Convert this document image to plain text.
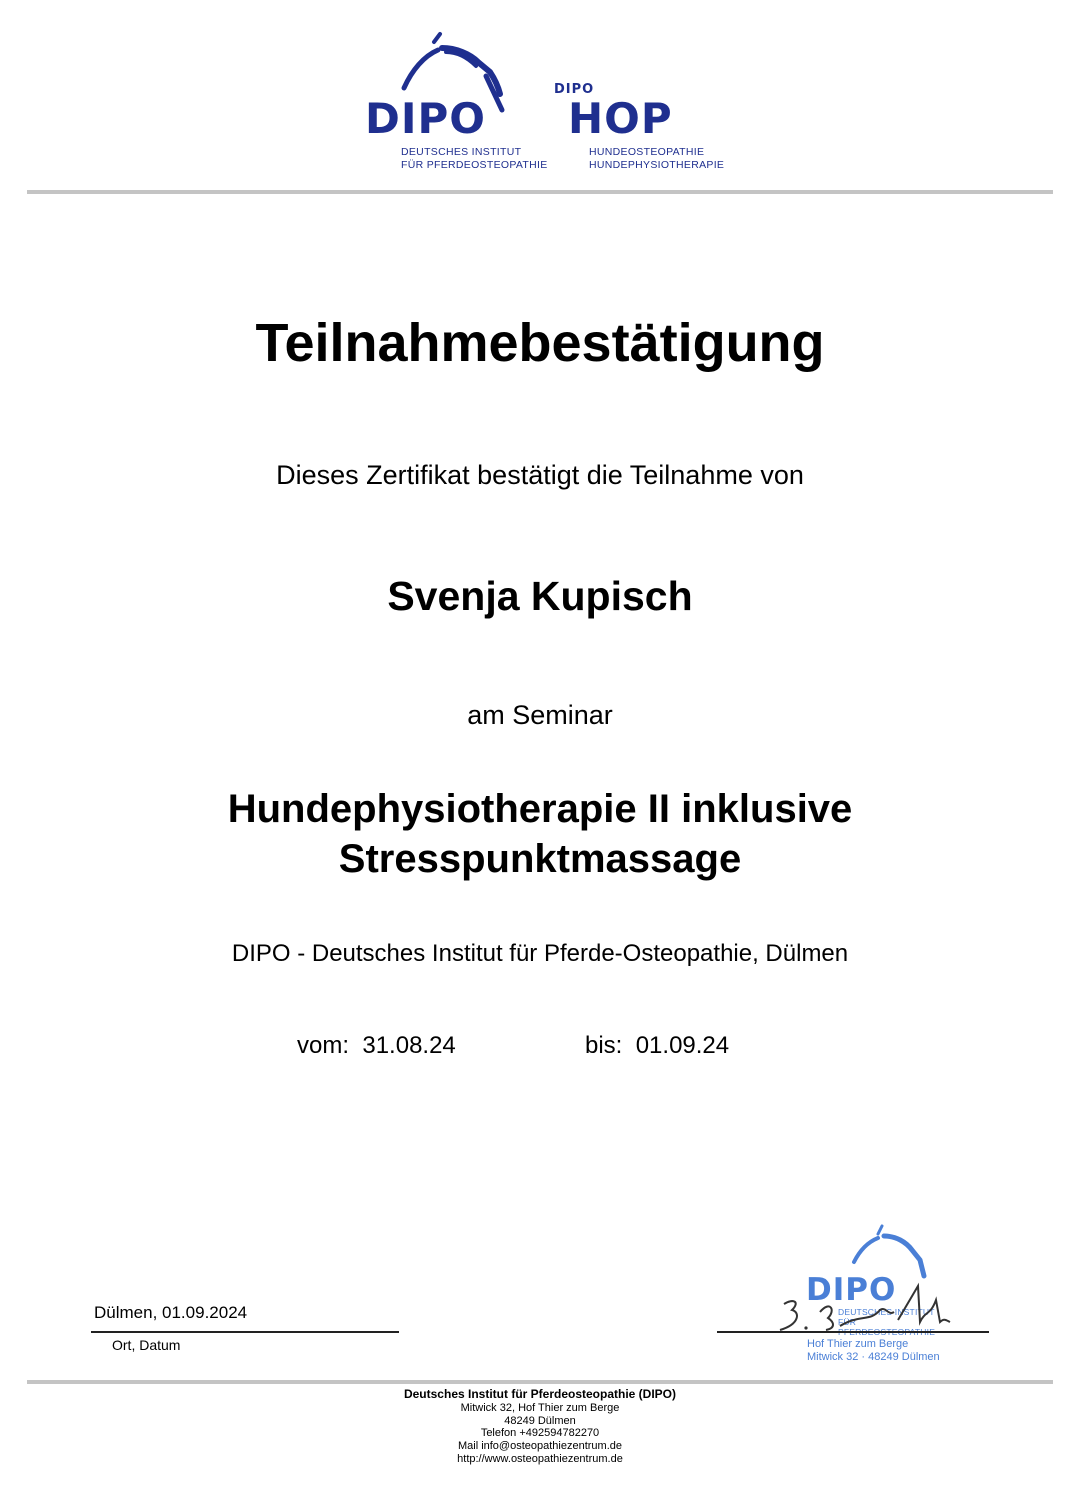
DIPO
DEUTSCHES INSTITUT
FÜR PFERDEOSTEOPATHIE
DIPO
HOP
HUNDEOSTEOPATHIE
HUNDEPHYSIOTHERAPIE
Teilnahmebestätigung
Dieses Zertifikat bestätigt die Teilnahme von
Svenja Kupisch
am Seminar
Hundephysiotherapie II inklusive
Stresspunktmassage
DIPO - Deutsches Institut für Pferde-Osteopathie, Dülmen
vom: 31.08.24	bis: 01.09.24
Dülmen, 01.09.2024
Ort, Datum
DIPO
DEUTSCHES INSTITUT FÜR
Hof Thier zum Berge
Mitwick 32 · 48249 Dülmen
Deutsches Institut für Pferdeosteopathie (DIPO)
Mitwick 32, Hof Thier zum Berge
48249 Dülmen
Telefon +492594782270
Mail info@osteopathiezentrum.de
http://www.osteopathiezentrum.de
